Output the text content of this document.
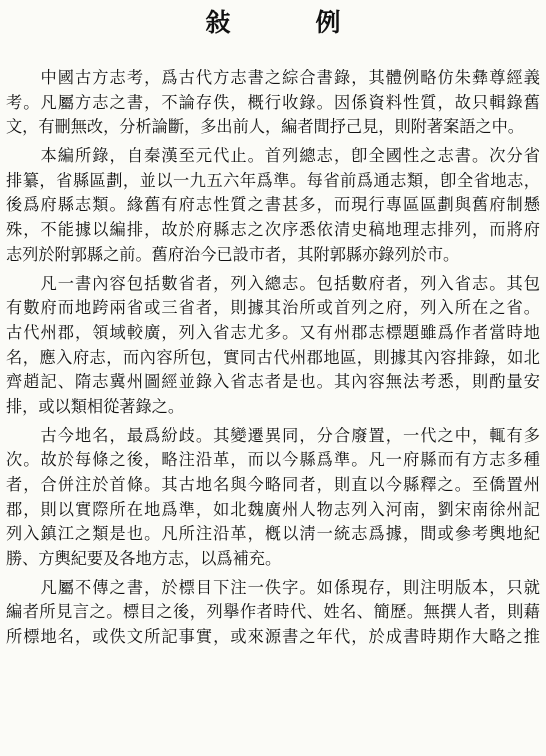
敍　例
　　中國古方志考，爲古代方志書之綜合書錄，其體例略仿朱彝尊經義
考。凡屬方志之書，不論存佚，概行收錄。因係資料性質，故只輯錄舊
文，有刪無改，分析論斷，多出前人，編者間抒己見，則附著案語之中。
　　本編所錄，自秦漢至元代止。首列總志，卽全國性之志書。次分省
排纂，省縣區劃，並以一九五六年爲準。每省前爲通志類，卽全省地志，
後爲府縣志類。緣舊有府志性質之書甚多，而現行專區區劃與舊府制懸
殊，不能據以編排，故於府縣志之次序悉依清史稿地理志排列，而將府
志列於附郭縣之前。舊府治今已設市者，其附郭縣亦錄列於市。
　　凡一書內容包括數省者，列入總志。包括數府者，列入省志。其包
有數府而地跨兩省或三省者，則據其治所或首列之府，列入所在之省。
古代州郡，領域較廣，列入省志尤多。又有州郡志標題雖爲作者當時地
名，應入府志，而內容所包，實同古代州郡地區，則據其內容排錄，如北
齊趙記、隋志冀州圖經並錄入省志者是也。其內容無法考悉，則酌量安
排，或以類相從著錄之。
　　古今地名，最爲紛歧。其變遷異同，分合廢置，一代之中，輒有多
次。故於每條之後，略注沿革，而以今縣爲準。凡一府縣而有方志多種
者，合併注於首條。其古地名與今略同者，則直以今縣釋之。至僑置州
郡，則以實際所在地爲準，如北魏廣州人物志列入河南，劉宋南徐州記
列入鎮江之類是也。凡所注沿革，槪以淸一統志爲據，間或參考輿地紀
勝、方輿紀要及各地方志，以爲補充。
　　凡屬不傳之書，於標目下注一佚字。如係現存，則注明版本，只就
編者所見言之。標目之後，列擧作者時代、姓名、簡歷。無撰人者，則藉
所標地名，或佚文所記事實，或來源書之年代，於成書時期作大略之推
